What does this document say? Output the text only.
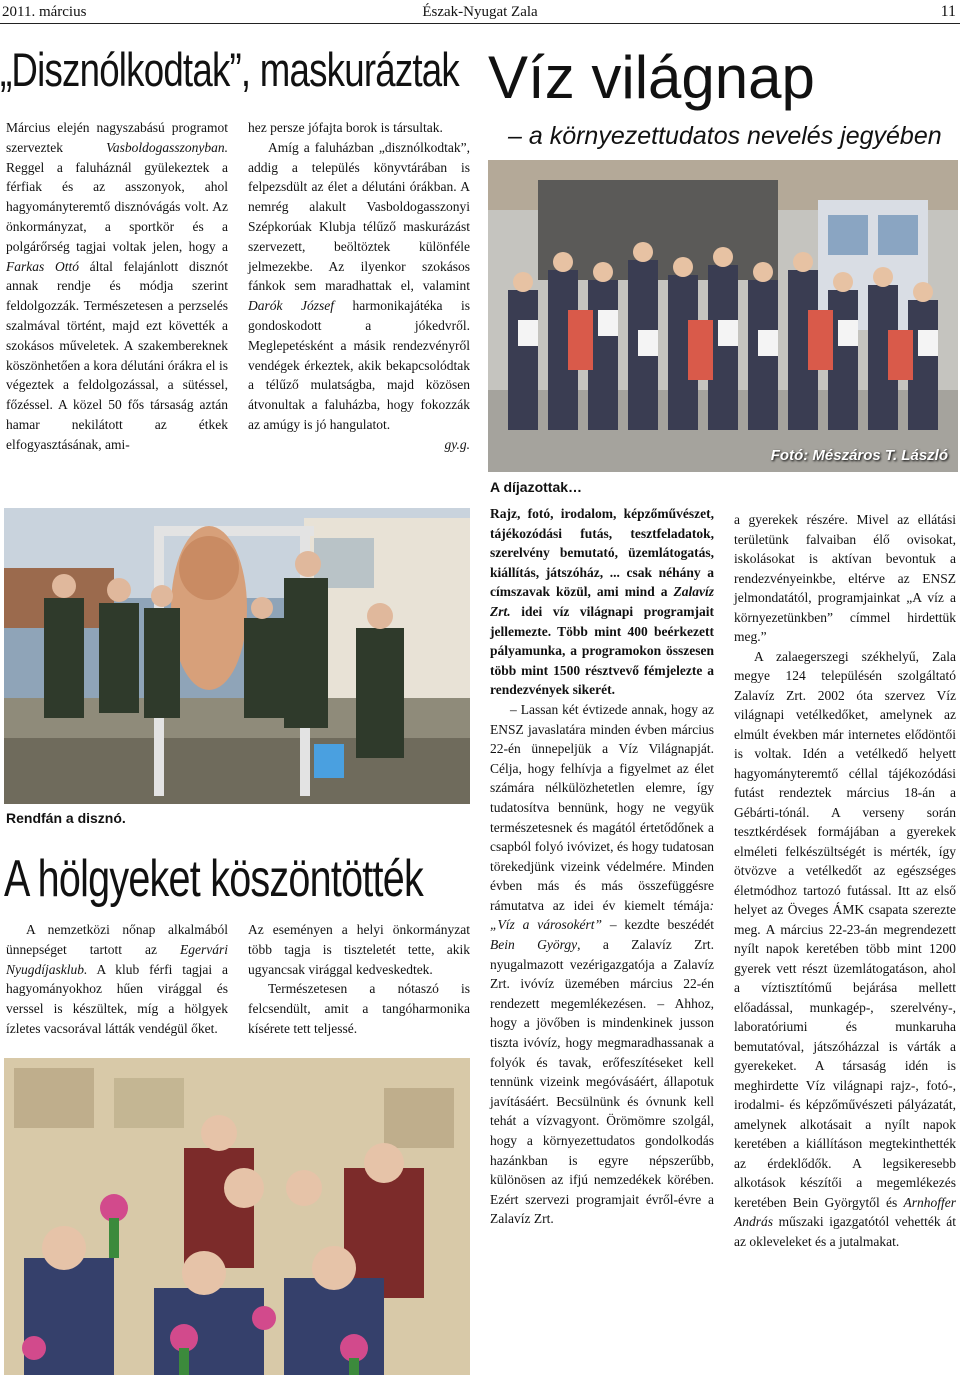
2011. március	Észak-Nyugat Zala	11
„Disznólkodtak”, maskuráztak

Március elején nagyszabású programot szerveztek Vasboldogasszonyban. Reggel a faluháznál gyülekeztek a férfiak és az asszonyok, ahol hagyományteremtő disznóvágás volt. Az önkormányzat, a sportkör és a polgárőrség tagjai voltak jelen, hogy a Farkas Ottó által felajánlott disznót annak rendje és módja szerint feldolgozzák. Természetesen a perzselés szalmával történt, majd ezt követték a szokásos műveletek. A szakembereknek köszönhetően a kora délutáni órákra el is végeztek a feldolgozással, a sütéssel, főzéssel. A közel 50 fős társaság aztán hamar nekilátott az étkek elfogyasztásának, ami-

hez persze jófajta borok is társultak.

Amíg a faluházban „disznólkodtak”, addig a település könyvtárában is felpezsdült az élet a délutáni órákban. A nemrég alakult Vasboldogasszonyi Szépkorúak Klubja télűző maskurázást szervezett, beöltöztek különféle jelmezekbe. Az ilyenkor szokásos fánkok sem maradhattak el, valamint Darók József harmonikajátéka is gondoskodott a jókedvről. Meglepetésként a másik rendezvényről vendégek érkeztek, akik bekapcsolódtak a télűző mulatságba, majd közösen átvonultak a faluházba, hogy fokozzák az amúgy is jó hangulatot.

gy.g.

Rendfán a disznó.
A hölgyeket köszöntötték

A nemzetközi nőnap alkalmából ünnepséget tartott az Egervári Nyugdíjasklub. A klub férfi tagjai a hagyományokhoz hűen virággal és verssel is készültek, míg a hölgyek ízletes vacsorával látták vendégül őket.

Az eseményen a helyi önkormányzat több tagja is tiszteletét tette, akik ugyancsak virággal kedveskedtek.

Természetesen a nótaszó is felcsendült, amit a tangóharmonika kísérete tett teljessé.

Víz világnap
– a környezettudatos nevelés jegyében
Fotó: Mészáros T. László
A díjazottak…

Rajz, fotó, irodalom, képzőművészet, tájékozódási futás, tesztfeladatok, szerelvény bemutató, üzemlátogatás, kiállítás, játszóház, ... csak néhány a címszavak közül, ami mind a Zalavíz Zrt. idei víz világnapi programjait jellemezte. Több mint 400 beérkezett pályamunka, a programokon összesen több mint 1500 résztvevő fémjelezte a rendezvények sikerét.

– Lassan két évtizede annak, hogy az ENSZ javaslatára minden évben március 22-én ünnepeljük a Víz Világnapját. Célja, hogy felhívja a figyelmet az élet számára nélkülözhetetlen elemre, így tudatosítva bennünk, hogy ne vegyük természetesnek és magától értetődőnek a csapból folyó ivóvizet, és hogy tudatosan törekedjünk vizeink védelmére. Minden évben más és más összefüggésre rámutatva az idei év kiemelt témája: „Víz a városokért” – kezdte beszédét Bein György, a Zalavíz Zrt. nyugalmazott vezérigazgatója a Zalavíz Zrt. ivóvíz üzemében március 22-én rendezett megemlékezésen. – Ahhoz, hogy a jövőben is mindenkinek jusson tiszta ivóvíz, hogy megmaradhassanak a folyók és tavak, erőfeszítéseket kell tennünk vizeink megóvásáért, állapotuk javításáért. Becsülnünk és óvnunk kell tehát a vízvagyont. Örömömre szolgál, hogy a környezettudatos gondolkodás hazánkban is egyre népszerűbb, különösen az ifjú nemzedékek körében. Ezért szervezi programjait évről-évre a Zalavíz Zrt.

a gyerekek részére. Mivel az ellátási területünk falvaiban élő ovisokat, iskolásokat is aktívan bevontuk a rendezvényeinkbe, eltérve az ENSZ jelmondatától, programjainkat „A víz a környezetünkben” címmel hirdettük meg.”

A zalaegerszegi székhelyű, Zala megye 124 településén szolgáltató Zalavíz Zrt. 2002 óta szervez Víz világnapi vetélkedőket, amelynek az elmúlt években már internetes elődöntői is voltak. Idén a vetélkedő helyett hagyományteremtő céllal tájékozódási futást rendeztek március 18-án a Gébárti-tónál. A verseny során tesztkérdések formájában a gyerekek elméleti felkészültségét is mérték, így ötvözve a vetélkedőt az egészséges életmódhoz tartozó futással. Itt az első helyet az Öveges ÁMK csapata szerezte meg. A március 22-23-án megrendezett nyílt napok keretében több mint 1200 gyerek vett részt üzemlátogatáson, ahol a víztisztítómű bejárása mellett előadással, munkagép-, szerelvény-, laboratóriumi és munkaruha bemutatóval, játszóházzal is várták a gyerekeket. A társaság idén is meghirdette Víz világnapi rajz-, fotó-, irodalmi- és képzőművészeti pályázatát, amelynek alkotásait a nyílt napok keretében a kiállításon megtekinthették az érdeklődők. A legsikeresebb alkotások készítői a megemlékezés keretében Bein Györgytől és Arnhoffer András műszaki igazgatótól vehették át az okleveleket és a jutalmakat.
